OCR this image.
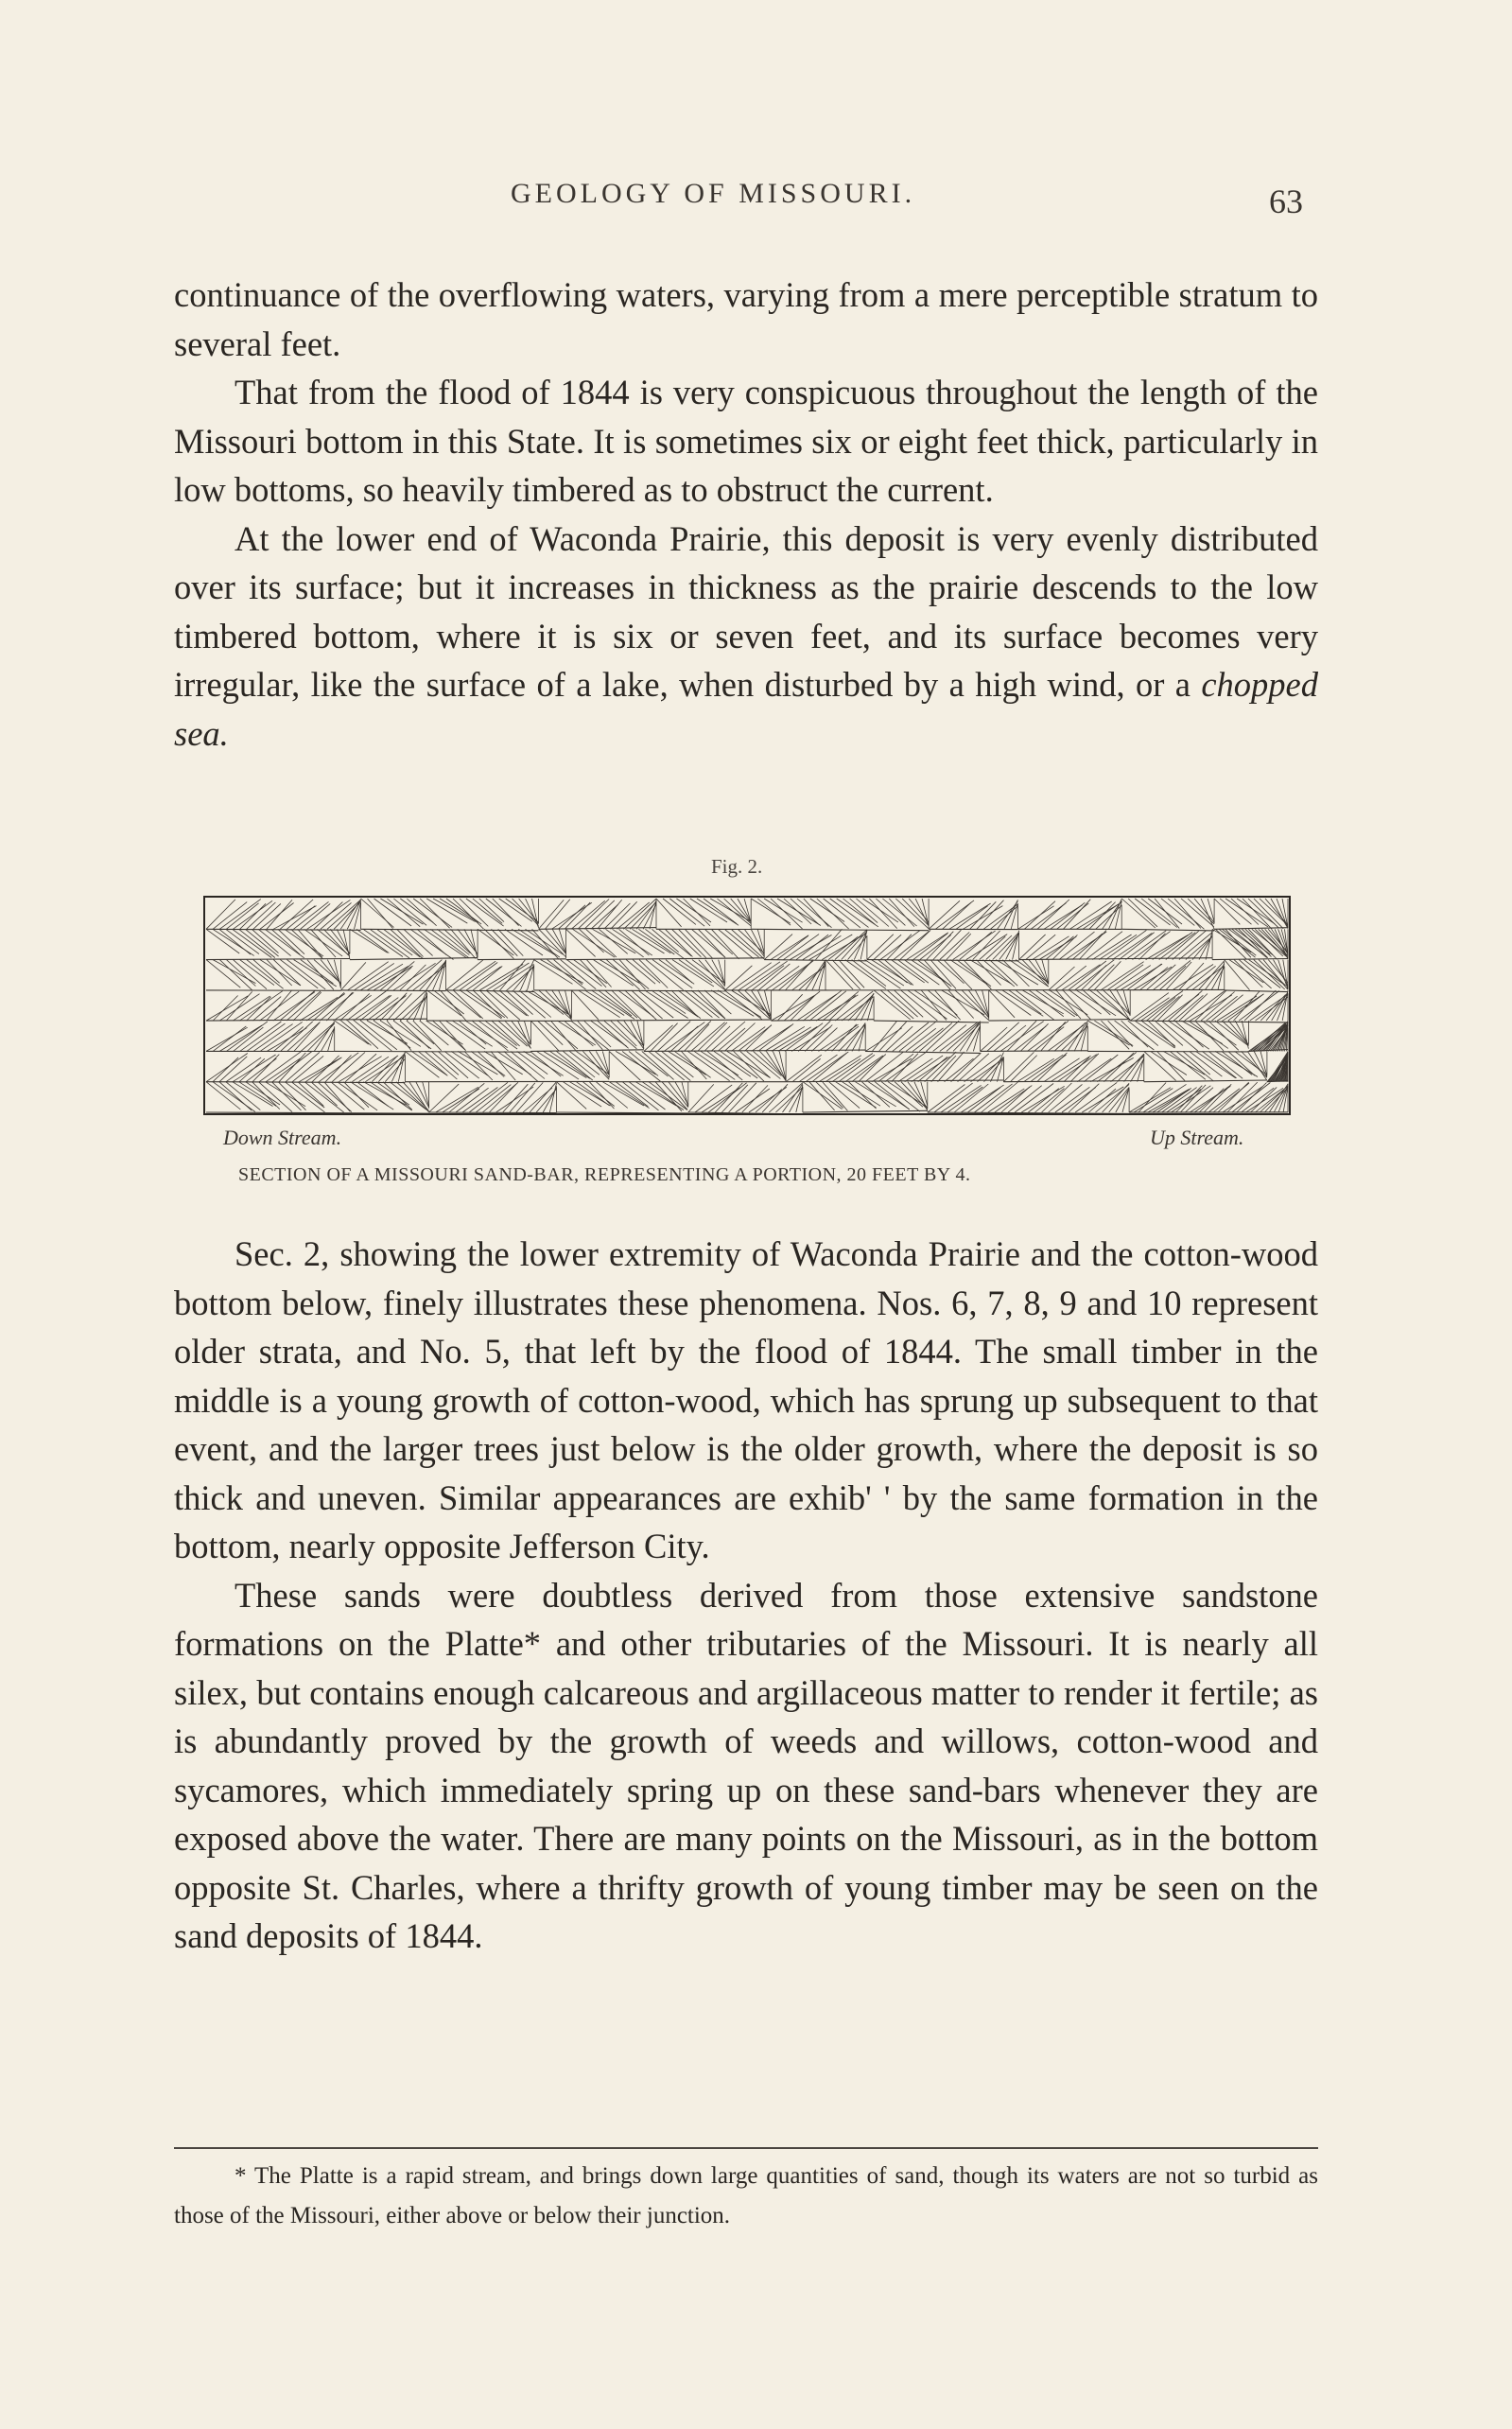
GEOLOGY OF MISSOURI.	63

continuance of the overflowing waters, varying from a mere perceptible stratum to several feet.

That from the flood of 1844 is very conspicuous throughout the length of the Missouri bottom in this State. It is sometimes six or eight feet thick, particularly in low bottoms, so heavily timbered as to obstruct the current.

At the lower end of Waconda Prairie, this deposit is very evenly distributed over its surface; but it increases in thickness as the prairie descends to the low timbered bottom, where it is six or seven feet, and its surface becomes very irregular, like the surface of a lake, when disturbed by a high wind, or a chopped sea.

Fig. 2.
Down Stream.	Up Stream.
SECTION OF A MISSOURI SAND-BAR, REPRESENTING A PORTION, 20 FEET BY 4.

Sec. 2, showing the lower extremity of Waconda Prairie and the cotton-wood bottom below, finely illustrates these phenomena. Nos. 6, 7, 8, 9 and 10 represent older strata, and No. 5, that left by the flood of 1844. The small timber in the middle is a young growth of cotton-wood, which has sprung up subsequent to that event, and the larger trees just below is the older growth, where the deposit is so thick and uneven. Similar appearances are exhib' ' by the same formation in the bottom, nearly opposite Jefferson City.

These sands were doubtless derived from those extensive sandstone formations on the Platte* and other tributaries of the Missouri. It is nearly all silex, but contains enough calcareous and argillaceous matter to render it fertile; as is abundantly proved by the growth of weeds and willows, cotton-wood and sycamores, which immediately spring up on these sand-bars whenever they are exposed above the water. There are many points on the Missouri, as in the bottom opposite St. Charles, where a thrifty growth of young timber may be seen on the sand deposits of 1844.

* The Platte is a rapid stream, and brings down large quantities of sand, though its waters are not so turbid as those of the Missouri, either above or below their junction.
